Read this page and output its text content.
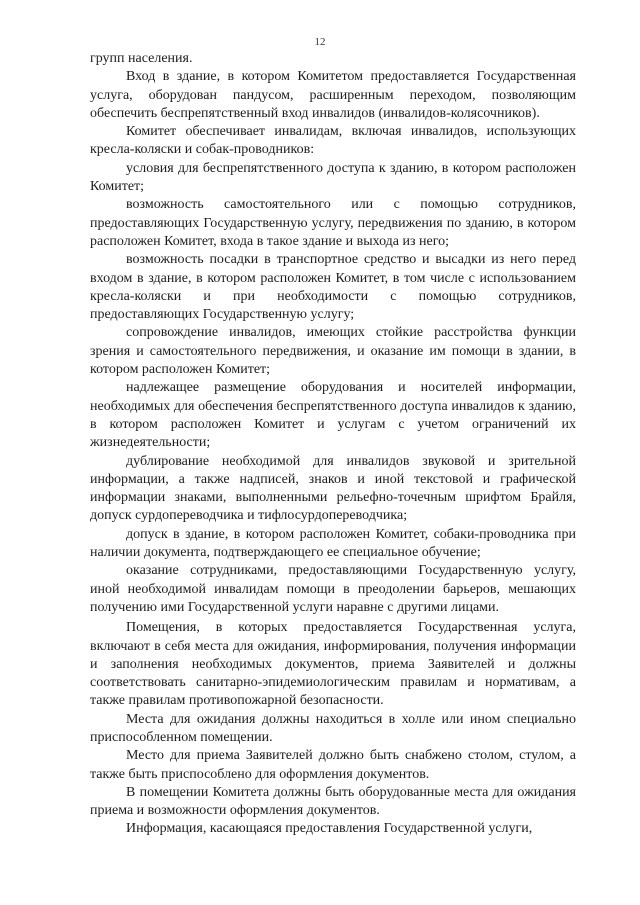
12

групп населения.

Вход в здание, в котором Комитетом предоставляется Государственная услуга, оборудован пандусом, расширенным переходом, позволяющим обеспечить беспрепятственный вход инвалидов (инвалидов-колясочников).

Комитет обеспечивает инвалидам, включая инвалидов, использующих кресла-коляски и собак-проводников:

условия для беспрепятственного доступа к зданию, в котором расположен Комитет;

возможность самостоятельного или с помощью сотрудников, предоставляющих Государственную услугу, передвижения по зданию, в котором расположен Комитет, входа в такое здание и выхода из него;

возможность посадки в транспортное средство и высадки из него перед входом в здание, в котором расположен Комитет, в том числе с использованием кресла-коляски и при необходимости с помощью сотрудников, предоставляющих Государственную услугу;

сопровождение инвалидов, имеющих стойкие расстройства функции зрения и самостоятельного передвижения, и оказание им помощи в здании, в котором расположен Комитет;

надлежащее размещение оборудования и носителей информации, необходимых для обеспечения беспрепятственного доступа инвалидов к зданию, в котором расположен Комитет и услугам с учетом ограничений их жизнедеятельности;

дублирование необходимой для инвалидов звуковой и зрительной информации, а также надписей, знаков и иной текстовой и графической информации знаками, выполненными рельефно-точечным шрифтом Брайля, допуск сурдопереводчика и тифлосурдопереводчика;

допуск в здание, в котором расположен Комитет, собаки-проводника при наличии документа, подтверждающего ее специальное обучение;

оказание сотрудниками, предоставляющими Государственную услугу, иной необходимой инвалидам помощи в преодолении барьеров, мешающих получению ими Государственной услуги наравне с другими лицами.

Помещения, в которых предоставляется Государственная услуга, включают в себя места для ожидания, информирования, получения информации и заполнения необходимых документов, приема Заявителей и должны соответствовать санитарно-эпидемиологическим правилам и нормативам, а также правилам противопожарной безопасности.

Места для ожидания должны находиться в холле или ином специально приспособленном помещении.

Место для приема Заявителей должно быть снабжено столом, стулом, а также быть приспособлено для оформления документов.

В помещении Комитета должны быть оборудованные места для ожидания приема и возможности оформления документов.

Информация, касающаяся предоставления Государственной услуги,
